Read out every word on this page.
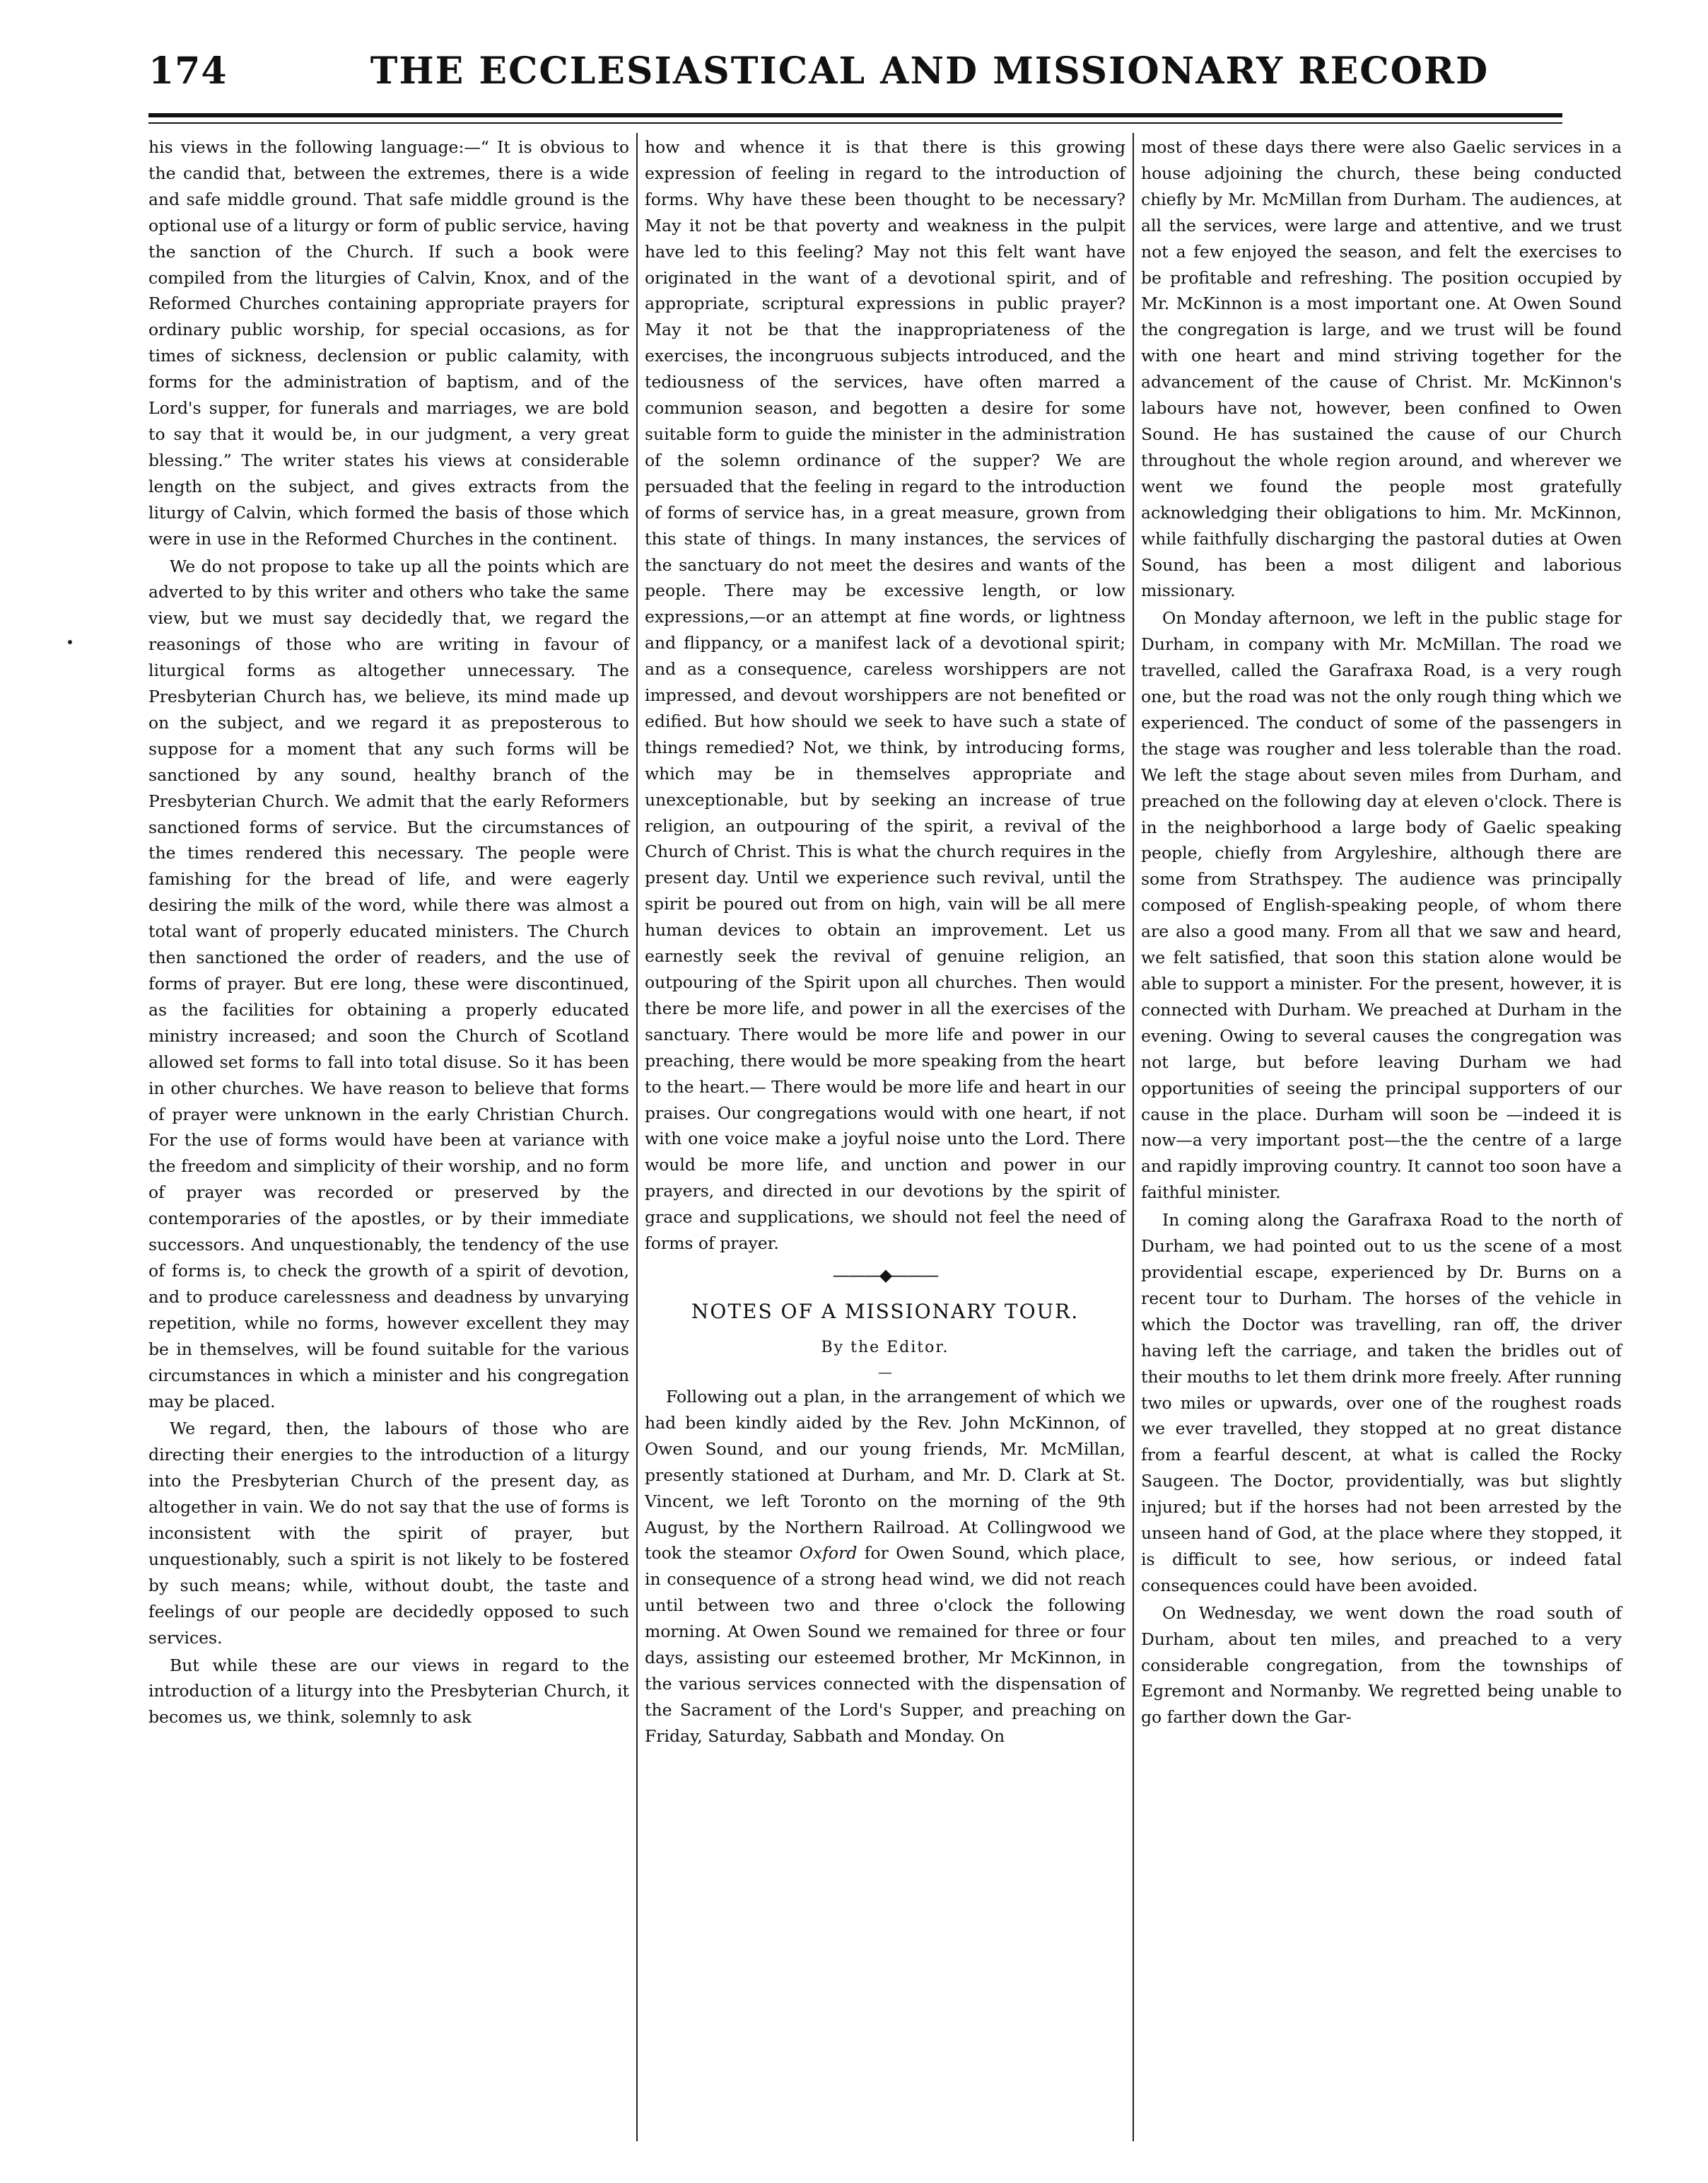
174	THE ECCLESIASTICAL AND MISSIONARY RECORD

his views in the following language:—“ It is obvious to the candid that, between the extremes, there is a wide and safe middle ground. That safe middle ground is the optional use of a liturgy or form of public service, having the sanction of the Church. If such a book were compiled from the liturgies of Calvin, Knox, and of the Reformed Churches containing appropriate prayers for ordinary public worship, for special occasions, as for times of sickness, declension or public calamity, with forms for the administration of baptism, and of the Lord's supper, for funerals and marriages, we are bold to say that it would be, in our judgment, a very great blessing.” The writer states his views at considerable length on the subject, and gives extracts from the liturgy of Calvin, which formed the basis of those which were in use in the Reformed Churches in the continent.

We do not propose to take up all the points which are adverted to by this writer and others who take the same view, but we must say decidedly that, we regard the reasonings of those who are writing in favour of liturgical forms as altogether unnecessary. The Presbyterian Church has, we believe, its mind made up on the subject, and we regard it as preposterous to suppose for a moment that any such forms will be sanctioned by any sound, healthy branch of the Presbyterian Church. We admit that the early Reformers sanctioned forms of service. But the circumstances of the times rendered this necessary. The people were famishing for the bread of life, and were eagerly desiring the milk of the word, while there was almost a total want of properly educated ministers. The Church then sanctioned the order of readers, and the use of forms of prayer. But ere long, these were discontinued, as the facilities for obtaining a properly educated ministry increased; and soon the Church of Scotland allowed set forms to fall into total disuse. So it has been in other churches. We have reason to believe that forms of prayer were unknown in the early Christian Church. For the use of forms would have been at variance with the freedom and simplicity of their worship, and no form of prayer was recorded or preserved by the contemporaries of the apostles, or by their immediate successors. And unquestionably, the tendency of the use of forms is, to check the growth of a spirit of devotion, and to produce carelessness and deadness by unvarying repetition, while no forms, however excellent they may be in themselves, will be found suitable for the various circumstances in which a minister and his congregation may be placed.

We regard, then, the labours of those who are directing their energies to the introduction of a liturgy into the Presbyterian Church of the present day, as altogether in vain. We do not say that the use of forms is inconsistent with the spirit of prayer, but unquestionably, such a spirit is not likely to be fostered by such means; while, without doubt, the taste and feelings of our people are decidedly opposed to such services.

But while these are our views in regard to the introduction of a liturgy into the Presbyterian Church, it becomes us, we think, solemnly to ask

how and whence it is that there is this growing expression of feeling in regard to the introduction of forms. Why have these been thought to be necessary? May it not be that poverty and weakness in the pulpit have led to this feeling? May not this felt want have originated in the want of a devotional spirit, and of appropriate, scriptural expressions in public prayer? May it not be that the inappropriateness of the exercises, the incongruous subjects introduced, and the tediousness of the services, have often marred a communion season, and begotten a desire for some suitable form to guide the minister in the administration of the solemn ordinance of the supper? We are persuaded that the feeling in regard to the introduction of forms of service has, in a great measure, grown from this state of things. In many instances, the services of the sanctuary do not meet the desires and wants of the people. There may be excessive length, or low expressions,—or an attempt at fine words, or lightness and flippancy, or a manifest lack of a devotional spirit; and as a consequence, careless worshippers are not impressed, and devout worshippers are not benefited or edified. But how should we seek to have such a state of things remedied? Not, we think, by introducing forms, which may be in themselves appropriate and unexceptionable, but by seeking an increase of true religion, an outpouring of the spirit, a revival of the Church of Christ. This is what the church requires in the present day. Until we experience such revival, until the spirit be poured out from on high, vain will be all mere human devices to obtain an improvement. Let us earnestly seek the revival of genuine religion, an outpouring of the Spirit upon all churches. Then would there be more life, and power in all the exercises of the sanctuary. There would be more life and power in our preaching, there would be more speaking from the heart to the heart.— There would be more life and heart in our praises. Our congregations would with one heart, if not with one voice make a joyful noise unto the Lord. There would be more life, and unction and power in our prayers, and directed in our devotions by the spirit of grace and supplications, we should not feel the need of forms of prayer.

———◆———
NOTES OF A MISSIONARY TOUR.
By the Editor.
—

Following out a plan, in the arrangement of which we had been kindly aided by the Rev. John McKinnon, of Owen Sound, and our young friends, Mr. McMillan, presently stationed at Durham, and Mr. D. Clark at St. Vincent, we left Toronto on the morning of the 9th August, by the Northern Railroad. At Collingwood we took the steamor Oxford for Owen Sound, which place, in consequence of a strong head wind, we did not reach until between two and three o'clock the following morning. At Owen Sound we remained for three or four days, assisting our esteemed brother, Mr McKinnon, in the various services connected with the dispensation of the Sacrament of the Lord's Supper, and preaching on Friday, Saturday, Sabbath and Monday. On

most of these days there were also Gaelic services in a house adjoining the church, these being conducted chiefly by Mr. McMillan from Durham. The audiences, at all the services, were large and attentive, and we trust not a few enjoyed the season, and felt the exercises to be profitable and refreshing. The position occupied by Mr. McKinnon is a most important one. At Owen Sound the congregation is large, and we trust will be found with one heart and mind striving together for the advancement of the cause of Christ. Mr. McKinnon's labours have not, however, been confined to Owen Sound. He has sustained the cause of our Church throughout the whole region around, and wherever we went we found the people most gratefully acknowledging their obligations to him. Mr. McKinnon, while faithfully discharging the pastoral duties at Owen Sound, has been a most diligent and laborious missionary.

On Monday afternoon, we left in the public stage for Durham, in company with Mr. McMillan. The road we travelled, called the Garafraxa Road, is a very rough one, but the road was not the only rough thing which we experienced. The conduct of some of the passengers in the stage was rougher and less tolerable than the road. We left the stage about seven miles from Durham, and preached on the following day at eleven o'clock. There is in the neighborhood a large body of Gaelic speaking people, chiefly from Argyleshire, although there are some from Strathspey. The audience was principally composed of English-speaking people, of whom there are also a good many. From all that we saw and heard, we felt satisfied, that soon this station alone would be able to support a minister. For the present, however, it is connected with Durham. We preached at Durham in the evening. Owing to several causes the congregation was not large, but before leaving Durham we had opportunities of seeing the principal supporters of our cause in the place. Durham will soon be —indeed it is now—a very important post—the the centre of a large and rapidly improving country. It cannot too soon have a faithful minister.

In coming along the Garafraxa Road to the north of Durham, we had pointed out to us the scene of a most providential escape, experienced by Dr. Burns on a recent tour to Durham. The horses of the vehicle in which the Doctor was travelling, ran off, the driver having left the carriage, and taken the bridles out of their mouths to let them drink more freely. After running two miles or upwards, over one of the roughest roads we ever travelled, they stopped at no great distance from a fearful descent, at what is called the Rocky Saugeen. The Doctor, providentially, was but slightly injured; but if the horses had not been arrested by the unseen hand of God, at the place where they stopped, it is difficult to see, how serious, or indeed fatal consequences could have been avoided.

On Wednesday, we went down the road south of Durham, about ten miles, and preached to a very considerable congregation, from the townships of Egremont and Normanby. We regretted being unable to go farther down the Gar-
